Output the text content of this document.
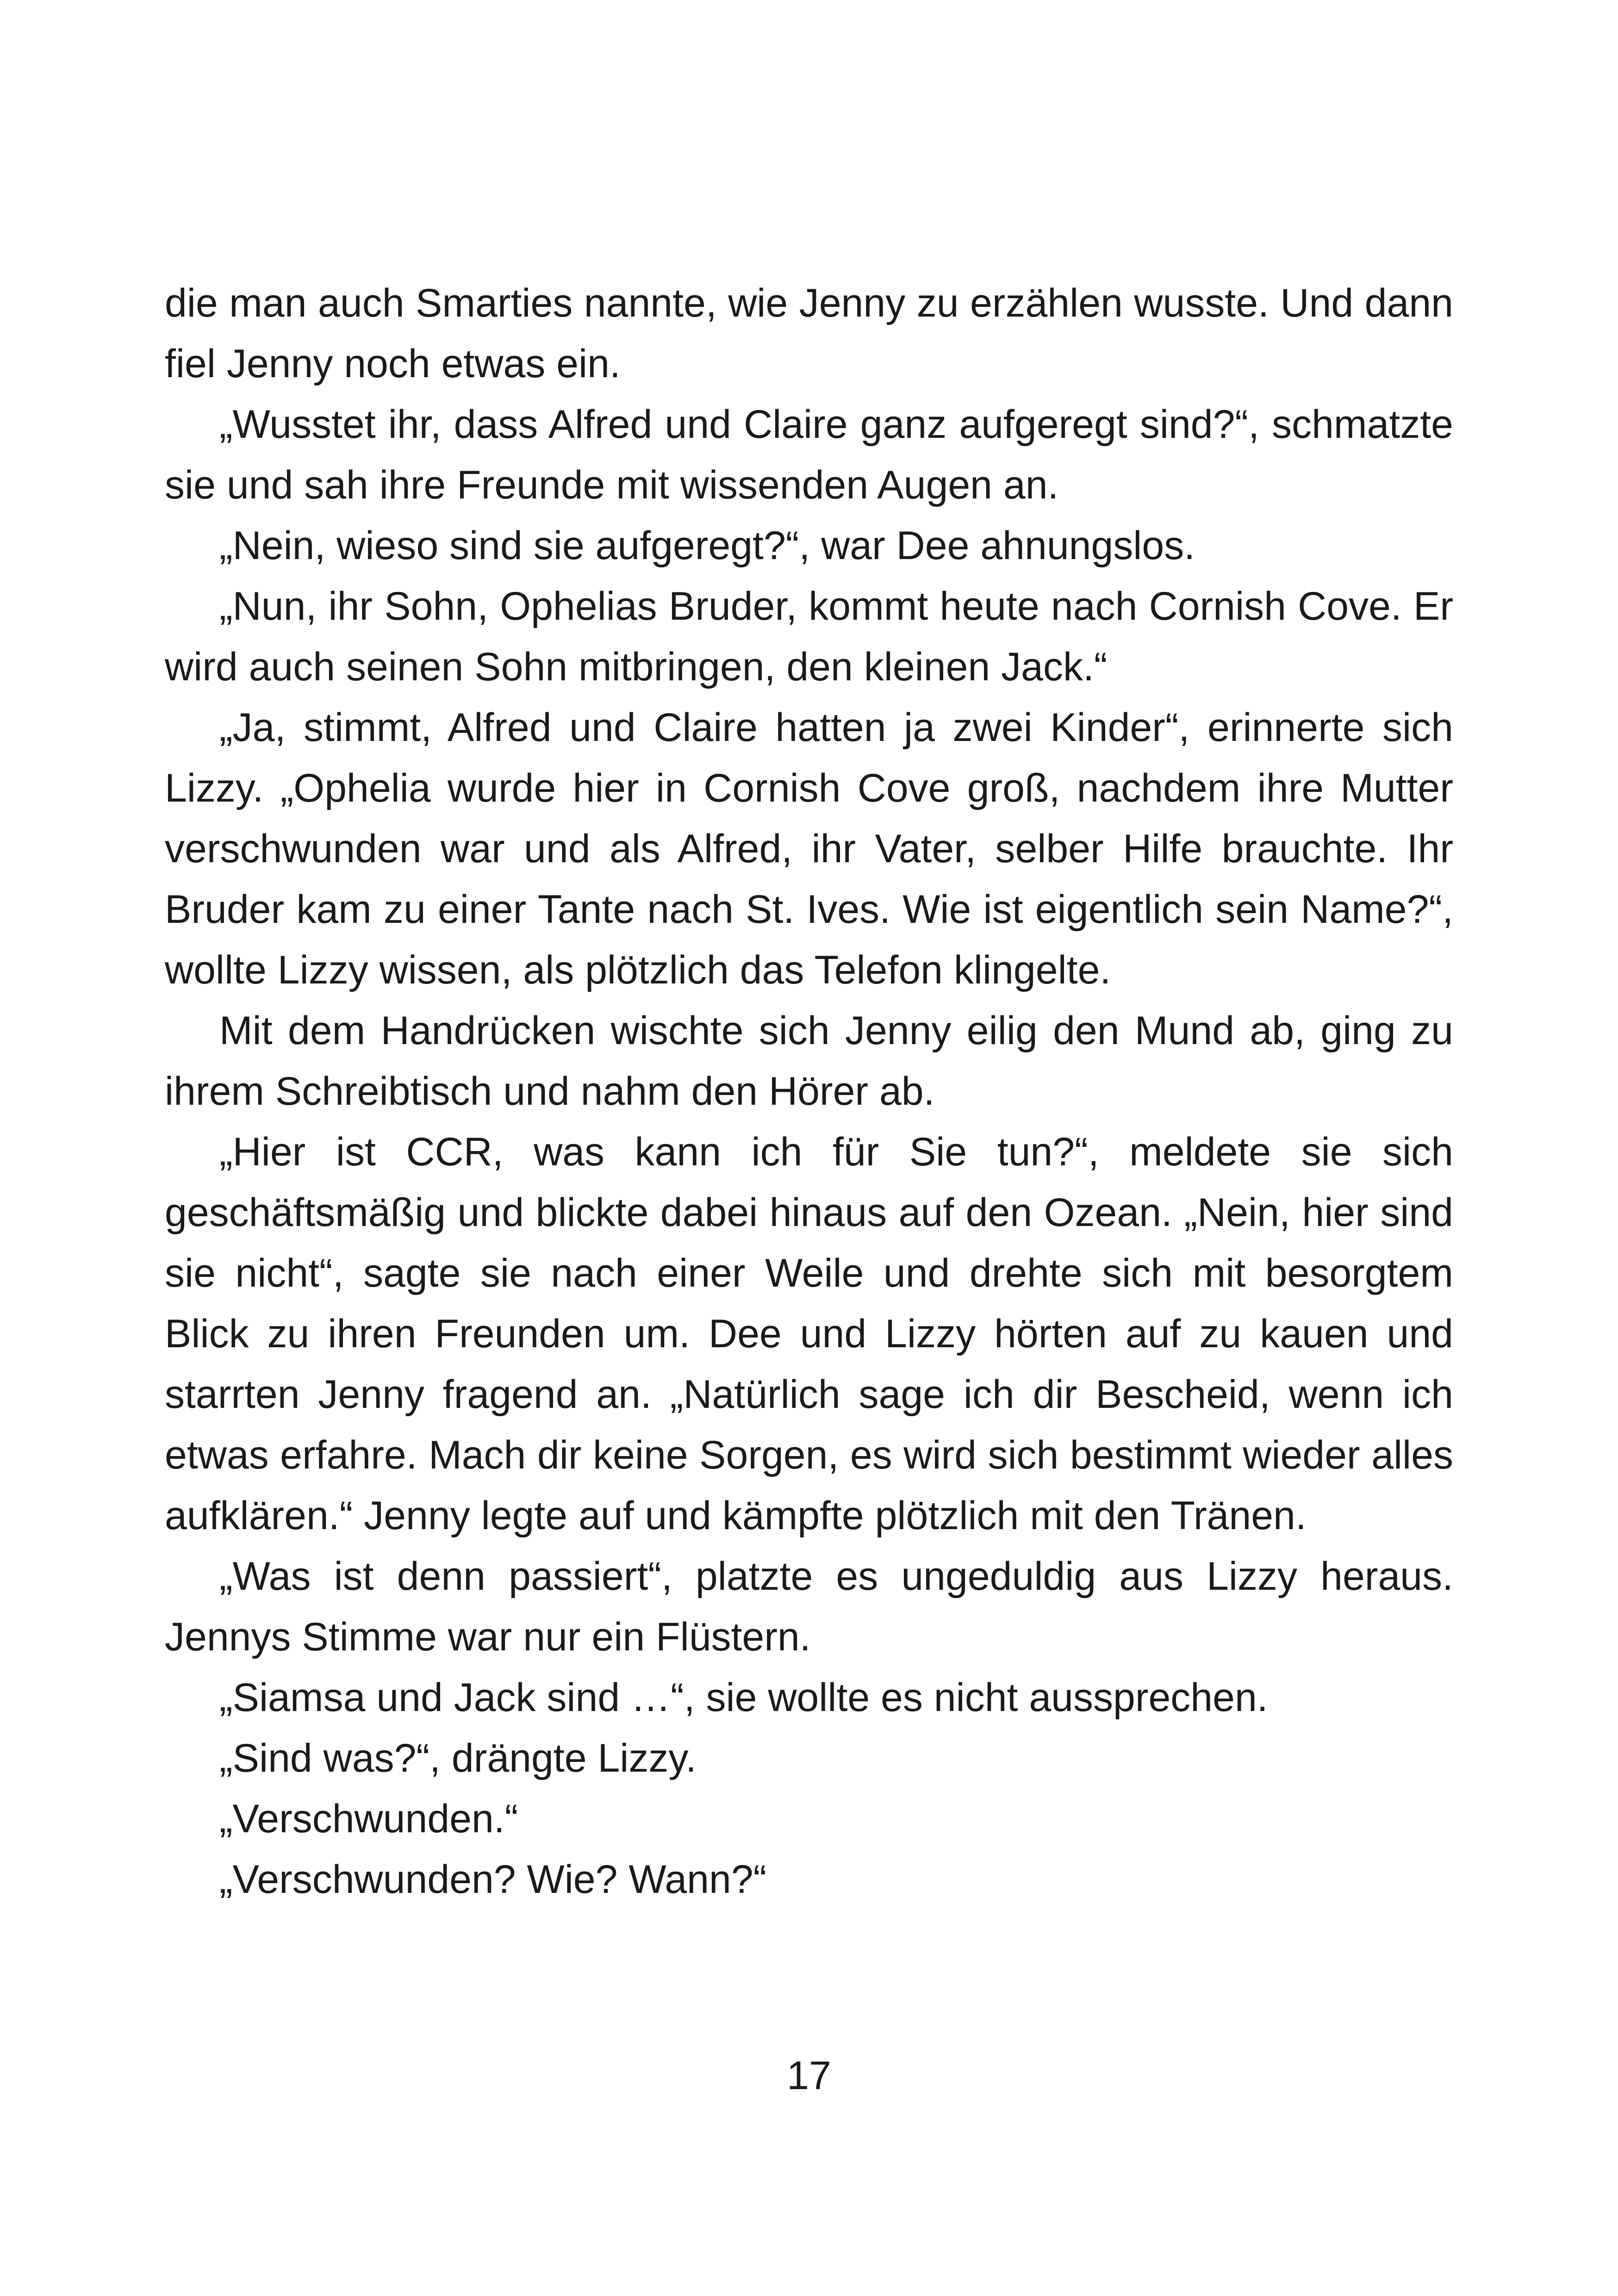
die man auch Smarties nannte, wie Jenny zu erzählen wusste. Und dann fiel Jenny noch etwas ein.

„Wusstet ihr, dass Alfred und Claire ganz aufgeregt sind?“, schmatzte sie und sah ihre Freunde mit wissenden Augen an.

„Nein, wieso sind sie aufgeregt?“, war Dee ahnungslos.

„Nun, ihr Sohn, Ophelias Bruder, kommt heute nach Cornish Cove. Er wird auch seinen Sohn mitbringen, den kleinen Jack.“

„Ja, stimmt, Alfred und Claire hatten ja zwei Kinder“, erinnerte sich Lizzy. „Ophelia wurde hier in Cornish Cove groß, nachdem ihre Mutter verschwunden war und als Alfred, ihr Vater, selber Hilfe brauchte. Ihr Bruder kam zu einer Tante nach St. Ives. Wie ist eigentlich sein Name?“, wollte Lizzy wissen, als plötzlich das Telefon klingelte.

Mit dem Handrücken wischte sich Jenny eilig den Mund ab, ging zu ihrem Schreibtisch und nahm den Hörer ab.

„Hier ist CCR, was kann ich für Sie tun?“, meldete sie sich geschäftsmäßig und blickte dabei hinaus auf den Ozean. „Nein, hier sind sie nicht“, sagte sie nach einer Weile und drehte sich mit besorgtem Blick zu ihren Freunden um. Dee und Lizzy hörten auf zu kauen und starrten Jenny fragend an. „Natürlich sage ich dir Bescheid, wenn ich etwas erfahre. Mach dir keine Sorgen, es wird sich bestimmt wieder alles aufklären.“ Jenny legte auf und kämpfte plötzlich mit den Tränen.

„Was ist denn passiert“, platzte es ungeduldig aus Lizzy heraus. Jennys Stimme war nur ein Flüstern.

„Siamsa und Jack sind …“, sie wollte es nicht aussprechen.

„Sind was?“, drängte Lizzy.

„Verschwunden.“

„Verschwunden? Wie? Wann?“

17
